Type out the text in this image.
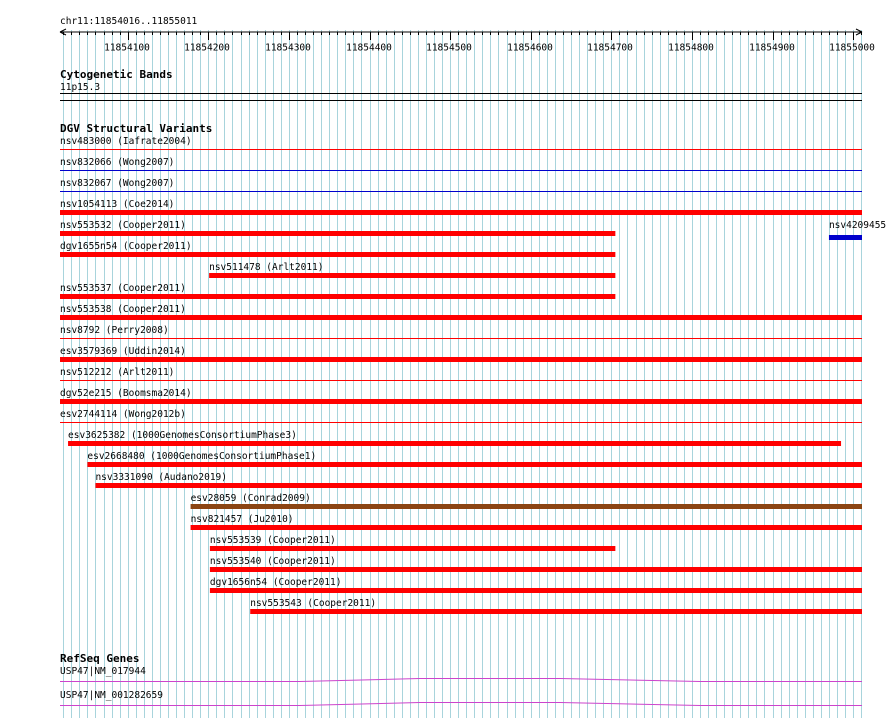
chr11:11854016..11855011
11854100	11854200	11854300	11854400	11854500	11854600	11854700	11854800	11854900	11855000
Cytogenetic Bands
11p15.3
DGV Structural Variants
nsv483000 (Iafrate2004)
nsv832066 (Wong2007)
nsv832067 (Wong2007)
nsv1054113 (Coe2014)
nsv553532 (Cooper2011)
dgv1655n54 (Cooper2011)
nsv511478 (Arlt2011)
nsv553537 (Cooper2011)
nsv553538 (Cooper2011)
nsv8792 (Perry2008)
esv3579369 (Uddin2014)
nsv512212 (Arlt2011)
dgv52e215 (Boomsma2014)
esv2744114 (Wong2012b)
esv3625382 (1000GenomesConsortiumPhase3)
esv2668480 (1000GenomesConsortiumPhase1)
nsv3331090 (Audano2019)
esv28059 (Conrad2009)
nsv821457 (Ju2010)
nsv553539 (Cooper2011)
nsv553540 (Cooper2011)
dgv1656n54 (Cooper2011)
nsv553543 (Cooper2011)
nsv4209455
RefSeq Genes
USP47|NM_017944
USP47|NM_001282659
